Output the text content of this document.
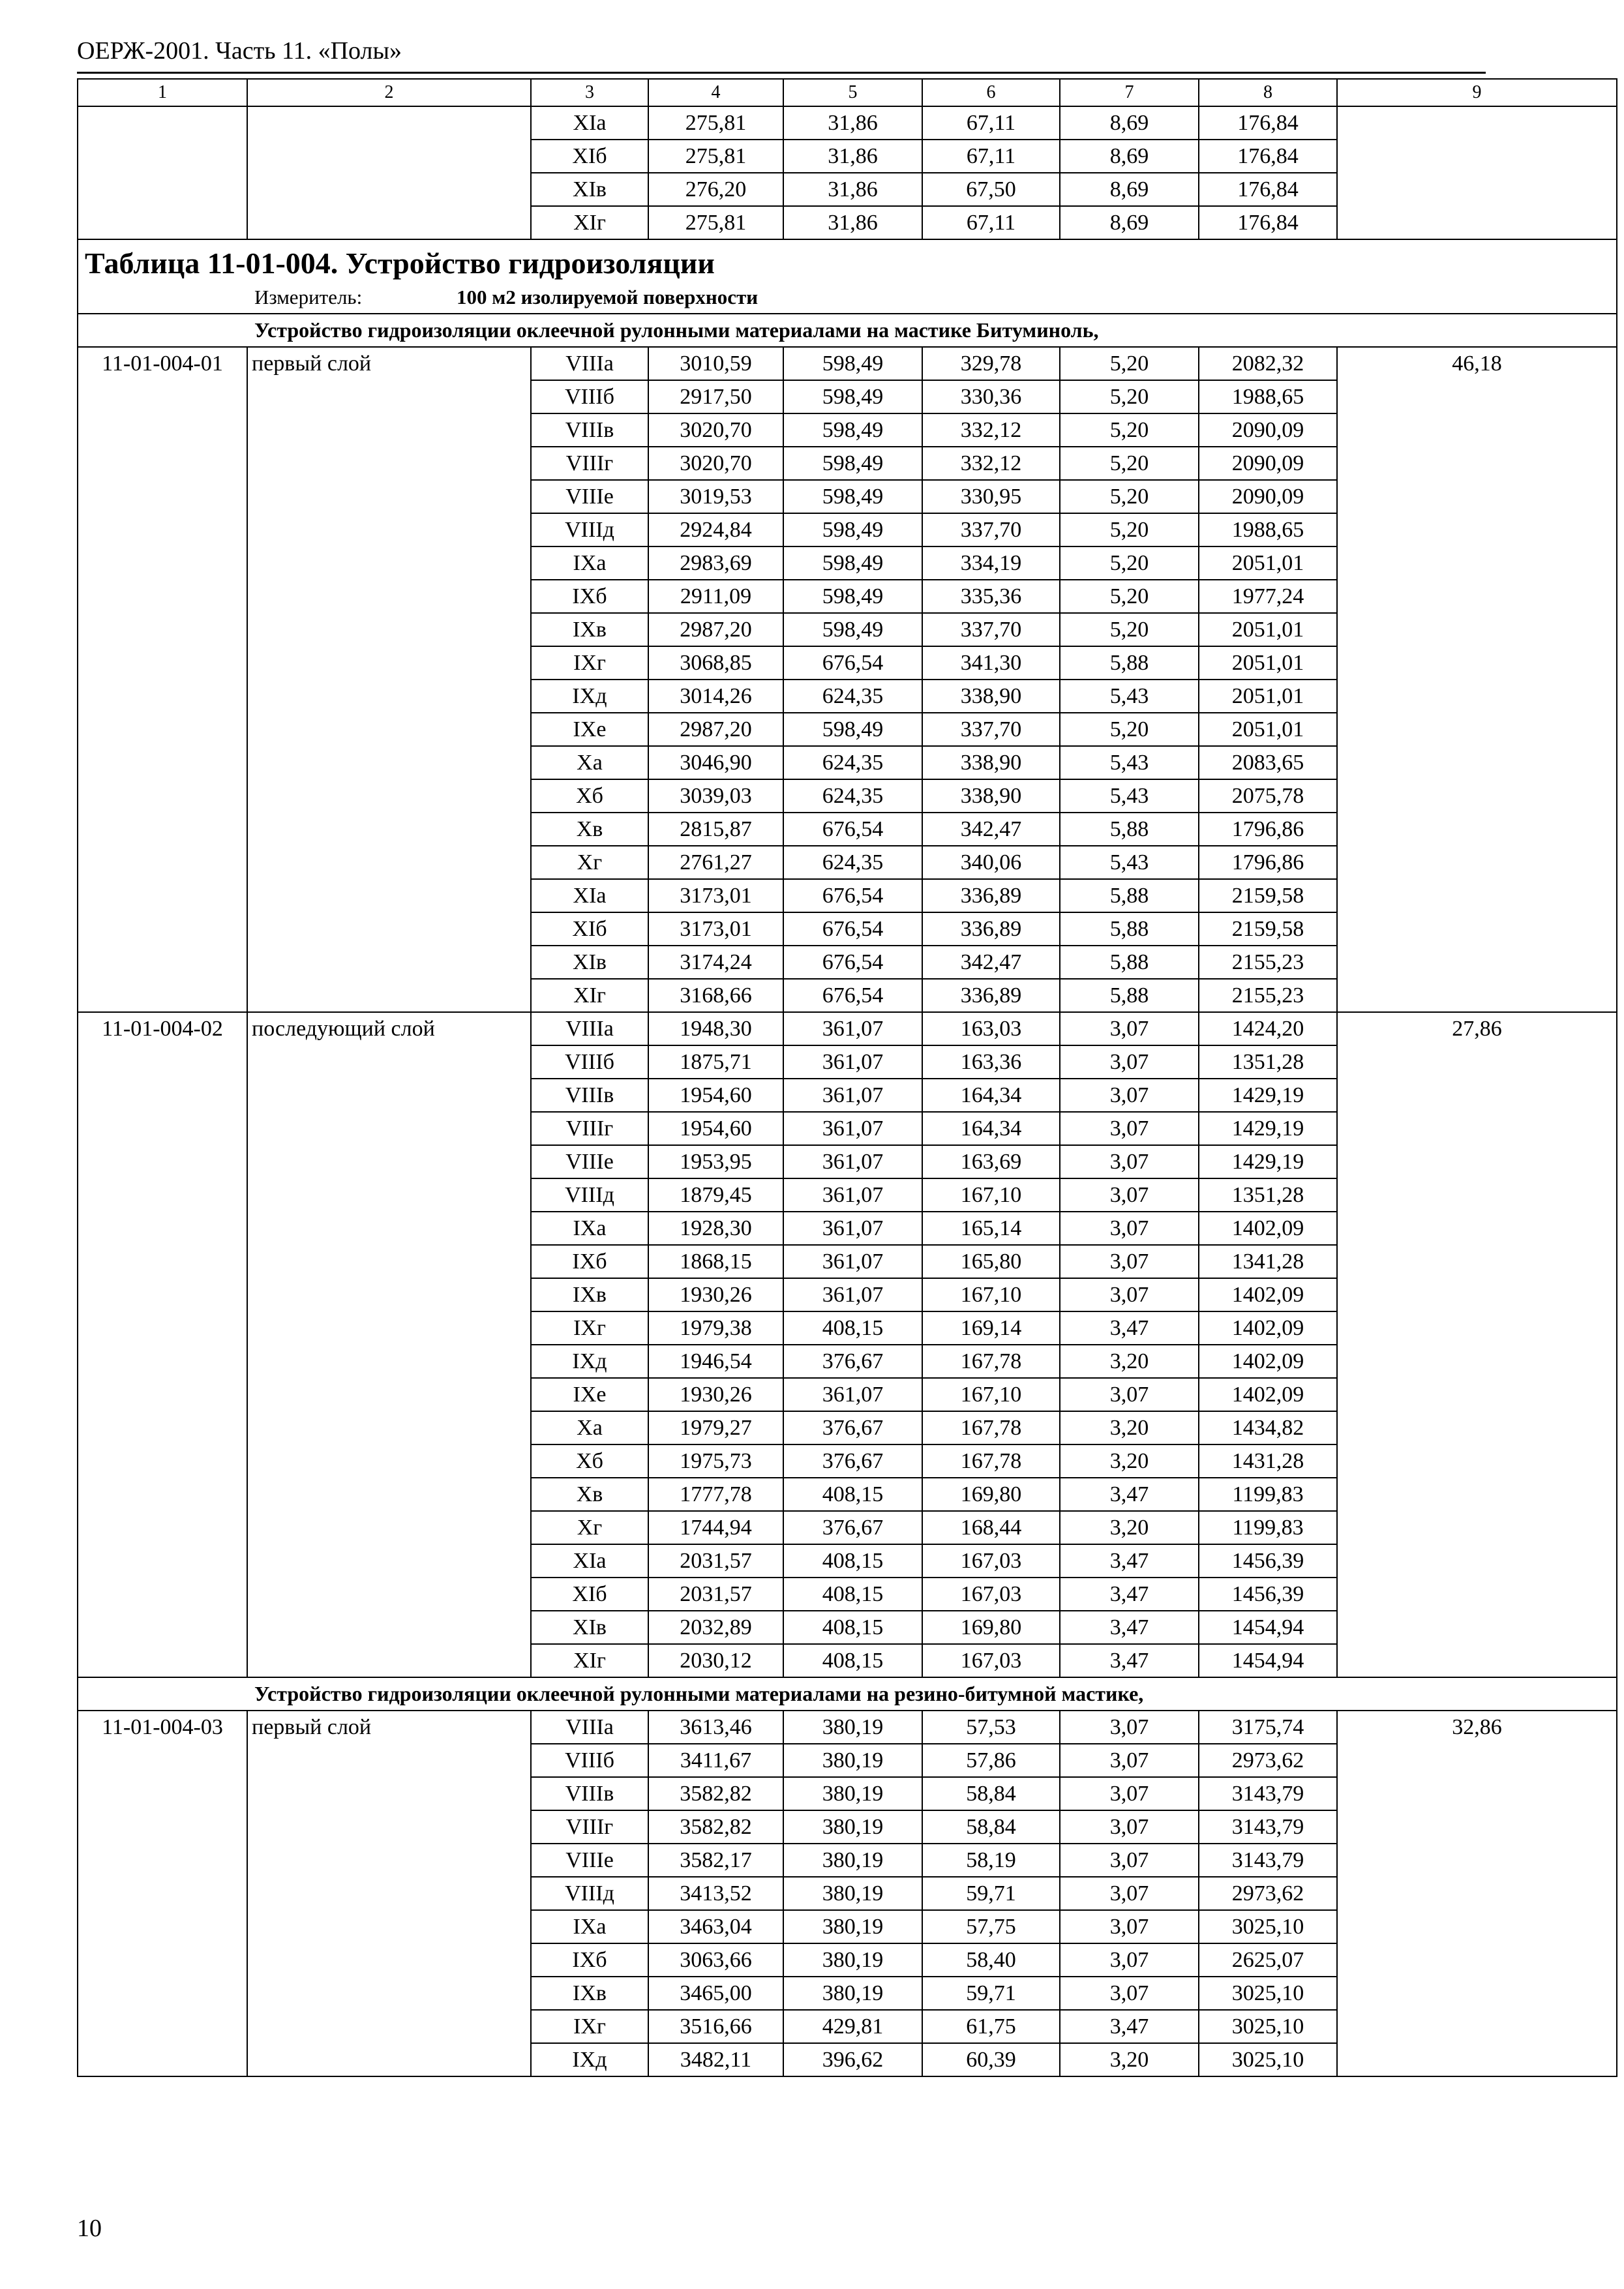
ОЕРЖ-2001. Часть 11. «Полы»
1	2	3	4	5	6	7	8	9
		XIа	275,81	31,86	67,11	8,69	176,84	
		XIб	275,81	31,86	67,11	8,69	176,84	
		XIв	276,20	31,86	67,50	8,69	176,84	
		XIг	275,81	31,86	67,11	8,69	176,84	

Таблица 11-01-004. Устройство гидроизоляции
Измеритель: 100 м2 изолируемой поверхности								

Устройство гидроизоляции оклеечной рулонными материалами на мастике Битуминоль,								
11-01-004-01	первый слой	VIIIа	3010,59	598,49	329,78	5,20	2082,32	46,18
		VIIIб	2917,50	598,49	330,36	5,20	1988,65	
		VIIIв	3020,70	598,49	332,12	5,20	2090,09	
		VIIIг	3020,70	598,49	332,12	5,20	2090,09	
		VIIIе	3019,53	598,49	330,95	5,20	2090,09	
		VIIIд	2924,84	598,49	337,70	5,20	1988,65	
		IXа	2983,69	598,49	334,19	5,20	2051,01	
		IXб	2911,09	598,49	335,36	5,20	1977,24	
		IXв	2987,20	598,49	337,70	5,20	2051,01	
		IXг	3068,85	676,54	341,30	5,88	2051,01	
		IXд	3014,26	624,35	338,90	5,43	2051,01	
		IXе	2987,20	598,49	337,70	5,20	2051,01	
		Xа	3046,90	624,35	338,90	5,43	2083,65	
		Xб	3039,03	624,35	338,90	5,43	2075,78	
		Xв	2815,87	676,54	342,47	5,88	1796,86	
		Xг	2761,27	624,35	340,06	5,43	1796,86	
		XIа	3173,01	676,54	336,89	5,88	2159,58	
		XIб	3173,01	676,54	336,89	5,88	2159,58	
		XIв	3174,24	676,54	342,47	5,88	2155,23	
		XIг	3168,66	676,54	336,89	5,88	2155,23	
11-01-004-02	последующий слой	VIIIа	1948,30	361,07	163,03	3,07	1424,20	27,86
		VIIIб	1875,71	361,07	163,36	3,07	1351,28	
		VIIIв	1954,60	361,07	164,34	3,07	1429,19	
		VIIIг	1954,60	361,07	164,34	3,07	1429,19	
		VIIIе	1953,95	361,07	163,69	3,07	1429,19	
		VIIIд	1879,45	361,07	167,10	3,07	1351,28	
		IXа	1928,30	361,07	165,14	3,07	1402,09	
		IXб	1868,15	361,07	165,80	3,07	1341,28	
		IXв	1930,26	361,07	167,10	3,07	1402,09	
		IXг	1979,38	408,15	169,14	3,47	1402,09	
		IXд	1946,54	376,67	167,78	3,20	1402,09	
		IXе	1930,26	361,07	167,10	3,07	1402,09	
		Xа	1979,27	376,67	167,78	3,20	1434,82	
		Xб	1975,73	376,67	167,78	3,20	1431,28	
		Xв	1777,78	408,15	169,80	3,47	1199,83	
		Xг	1744,94	376,67	168,44	3,20	1199,83	
		XIа	2031,57	408,15	167,03	3,47	1456,39	
		XIб	2031,57	408,15	167,03	3,47	1456,39	
		XIв	2032,89	408,15	169,80	3,47	1454,94	
		XIг	2030,12	408,15	167,03	3,47	1454,94	
Устройство гидроизоляции оклеечной рулонными материалами на резино-битумной мастике,								
11-01-004-03	первый слой	VIIIа	3613,46	380,19	57,53	3,07	3175,74	32,86
		VIIIб	3411,67	380,19	57,86	3,07	2973,62	
		VIIIв	3582,82	380,19	58,84	3,07	3143,79	
		VIIIг	3582,82	380,19	58,84	3,07	3143,79	
		VIIIе	3582,17	380,19	58,19	3,07	3143,79	
		VIIIд	3413,52	380,19	59,71	3,07	2973,62	
		IXа	3463,04	380,19	57,75	3,07	3025,10	
		IXб	3063,66	380,19	58,40	3,07	2625,07	
		IXв	3465,00	380,19	59,71	3,07	3025,10	
		IXг	3516,66	429,81	61,75	3,47	3025,10	
		IXд	3482,11	396,62	60,39	3,20	3025,10	
10
